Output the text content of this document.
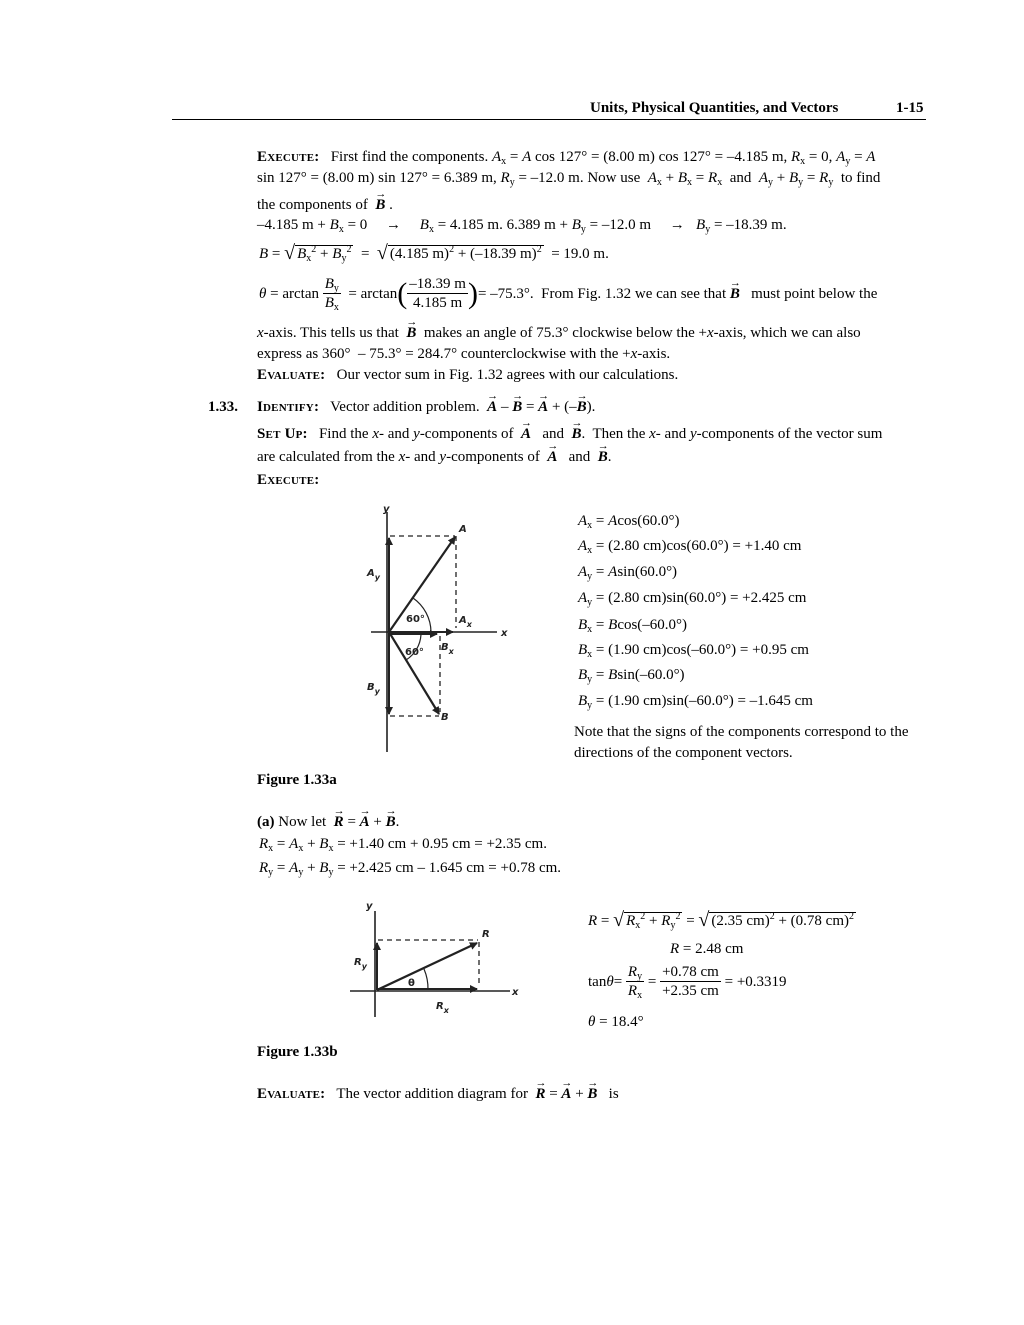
Units, Physical Quantities, and Vectors	1-15
Execute:   First find the components. $A_x = A$ cos 127° = (8.00 m) cos 127° = –4.185 m, $R_x = 0$, $A_y = A$
sin 127° = (8.00 m) sin 127° = 6.389 m, $R_y = -12.0$ m. Now use  $A_x + B_x = R_x$  and  $A_y + B_y = R_y$  to find
the components of  → B .
–4.185 $m + B_x = 0$     →     $B_x = 4.185$ m. 6.389 $m + B_y = -12.0$ m     →   $B_y = -18.39$ m.
B = √ $B_x^2 + B_y^2$  =  √ (4.185 m)$^2$ + (–18.39 m)$^2$  = 19.0 m.
$\theta = \arctan \frac{B_y}{B_x} = \arctan$ ( $\frac{-18.39 m}{4.185 m}$ ) = –75.3°.  From Fig. 1.32 we can see that → B must point below the
x-axis. This tells us that  → B  makes an angle of 75.3° clockwise below the +x-axis, which we can also
express as 360°  – 75.3° = 284.7° counterclockwise with the +x-axis.
Evaluate:   Our vector sum in Fig. 1.32 agrees with our calculations.
1.33. Identify:   Vector addition problem.  → A – → B = → A + (–→ B).
Set Up:   Find the x- and y-components of  → A   and  → B.  Then the x- and y-components of the vector sum
are calculated from the x- and y-components of  → A   and  → B.
Execute:
y
x
A
$A_y$
$A_x$
60°
60° $B_x$
$B_y$
B
$A_x = Acos(60.0^\circ)$
$A_x = (2.80$ cm)cos(60.0°) = +1.40 cm
$A_y = Asin(60.0^\circ)$
$A_y = (2.80$ cm)sin(60.0°) = +2.425 cm
$B_x = Bcos(-60.0^\circ)$
$B_x = (1.90$ cm)cos(–60.0°) = +0.95 cm
$B_y = Bsin(-60.0^\circ)$
$B_y = (1.90$ cm)sin(–60.0°) = –1.645 cm
Note that the signs of the components correspond to the directions of the component vectors.
Figure 1.33a
(a) Now let → R = → A + → B.
$R_x = A_x + B_x = +1.40$ cm + 0.95 cm = +2.35 cm.
$R_y = A_y + B_y = +2.425$ cm – 1.645 cm = +0.78 cm.
y
x
R
$R_y$
$R_x$
θ
R = √ $R_x^2 + R_y^2$ = √ (2.35 cm)$^2$ + (0.78 cm)$^2$
R = 2.48 cm
$\tan \theta = \frac{R_y}{R_x} = \frac{+0.78 cm}{+2.35 cm} = +0.3319$
θ = 18.4°
Figure 1.33b
Evaluate:   The vector addition diagram for  → R = → A + → B   is
